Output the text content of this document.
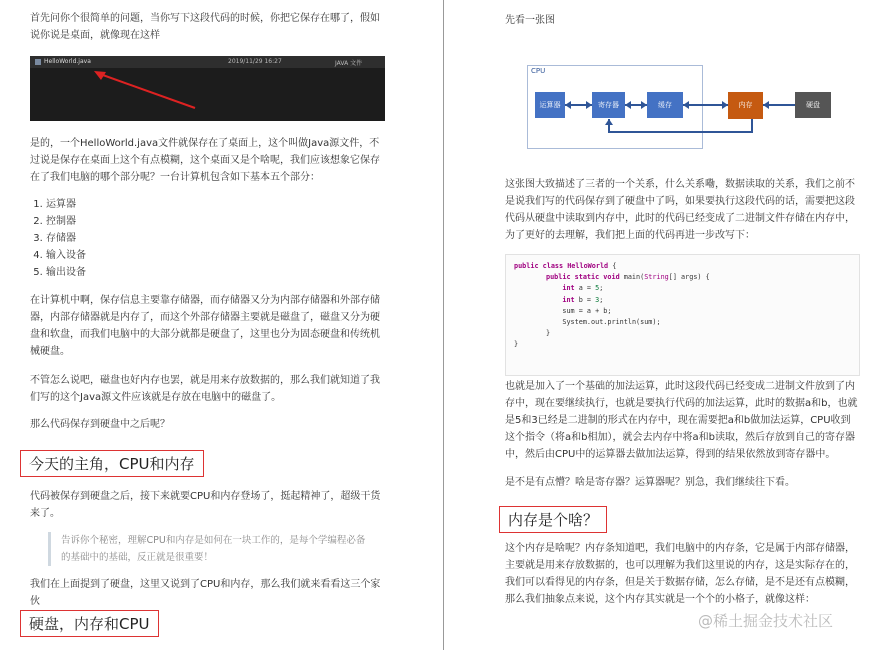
首先问你个很简单的问题，当你写下这段代码的时候，你把它保存在哪了，假如说你说是桌面，就像现在这样

HelloWorld.java	2019/11/29 16:27	JAVA 文件

是的，一个HelloWorld.java文件就保存在了桌面上，这个叫做Java源文件，不过说是保存在桌面上这个有点模糊，这个桌面又是个啥呢，我们应该想象它保存在了我们电脑的哪个部分呢？一台计算机包含如下基本五个部分：

1. 运算器
2. 控制器
3. 存储器
4. 输入设备
5. 输出设备

在计算机中啊，保存信息主要靠存储器，而存储器又分为内部存储器和外部存储器，内部存储器就是内存了，而这个外部存储器主要就是磁盘了，磁盘又分为硬盘和软盘，而我们电脑中的大部分就都是硬盘了，这里也分为固态硬盘和传统机械硬盘。

不管怎么说吧，磁盘也好内存也罢，就是用来存放数据的，那么我们就知道了我们写的这个Java源文件应该就是存放在电脑中的磁盘了。

那么代码保存到硬盘中之后呢？

今天的主角，CPU和内存

代码被保存到硬盘之后，接下来就要CPU和内存登场了，挺起精神了，超级干货来了。

告诉你个秘密，理解CPU和内存是如何在一块工作的，是每个学编程必备的基础中的基础，反正就是很重要！

我们在上面提到了硬盘，这里又说到了CPU和内存，那么我们就来看看这三个家伙

硬盘，内存和CPU

先看一张图

CPU
运算器	寄存器	缓存	内存	硬盘

这张图大致描述了三者的一个关系，什么关系嘞，数据读取的关系，我们之前不是说我们写的代码保存到了硬盘中了吗，如果要执行这段代码的话，需要把这段代码从硬盘中读取到内存中，此时的代码已经变成了二进制文件存储在内存中，为了更好的去理解，我们把上面的代码再进一步改写下：

public class HelloWorld {
public static void main(String[] args) {
int a = 5;
int b = 3;
sum = a + b;
System.out.println(sum);
}
}

也就是加入了一个基础的加法运算，此时这段代码已经变成二进制文件放到了内存中，现在要继续执行，也就是要执行代码的加法运算，此时的数据a和b，也就是5和3已经是二进制的形式在内存中，现在需要把a和b做加法运算，CPU收到这个指令（将a和b相加），就会去内存中将a和b读取，然后存放到自己的寄存器中，然后由CPU中的运算器去做加法运算，得到的结果依然放到寄存器中。

是不是有点懵？啥是寄存器？运算器呢？别急，我们继续往下看。

内存是个啥？

这个内存是啥呢？内存条知道吧，我们电脑中的内存条，它是属于内部存储器，主要就是用来存放数据的，也可以理解为我们这里说的内存，这是实际存在的，我们可以看得见的内存条，但是关于数据存储，怎么存储，是不是还有点模糊，那么我们抽象点来说，这个内存其实就是一个个的小格子，就像这样：

@稀土掘金技术社区
